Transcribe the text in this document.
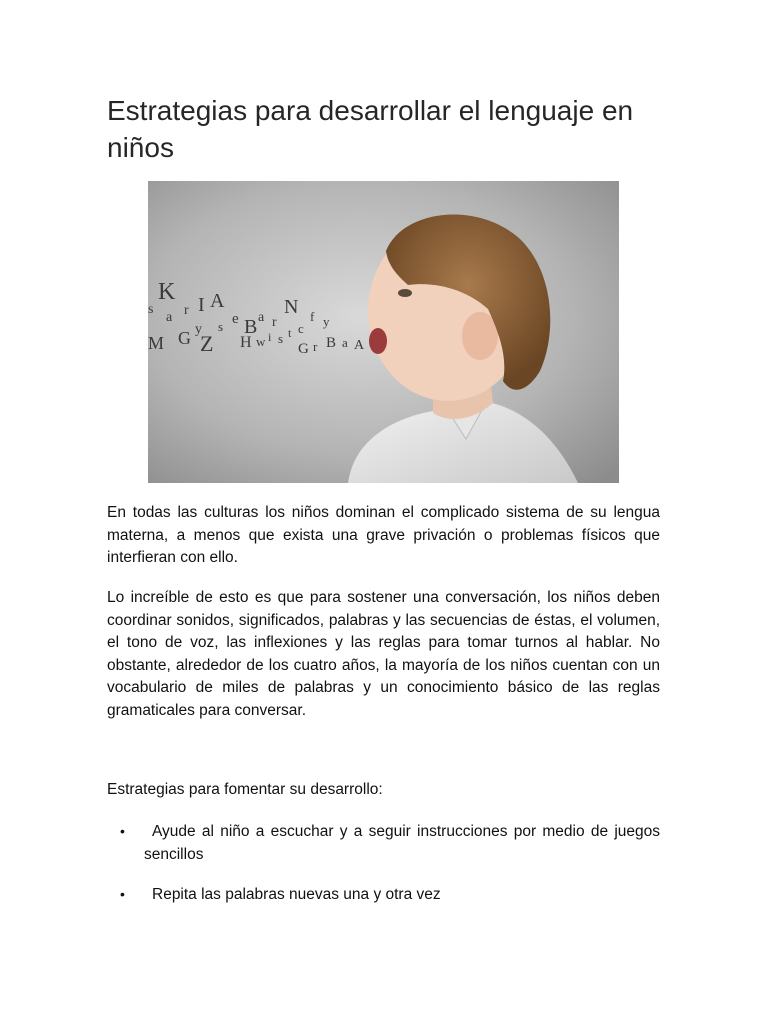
Estrategias para desarrollar el lenguaje en niños
K
s
a r I A
M G y
Z
s e B a r
N
H w i s t c
f y
G r B a A

En todas las culturas los niños dominan el complicado sistema de su lengua materna, a menos que exista una grave privación o problemas físicos que interfieran con ello.

Lo increíble de esto es que para sostener una conversación, los niños deben coordinar sonidos, significados, palabras y las secuencias de éstas, el volumen, el tono de voz, las inflexiones y las reglas para tomar turnos al hablar. No obstante, alrededor de los cuatro años, la mayoría de los niños cuentan con un vocabulario de miles de palabras y un conocimiento básico de las reglas gramaticales para conversar.

Estrategias para fomentar su desarrollo:

•	Ayude al niño a escuchar y a seguir instrucciones por medio de juegos sencillos
•	Repita las palabras nuevas una y otra vez
